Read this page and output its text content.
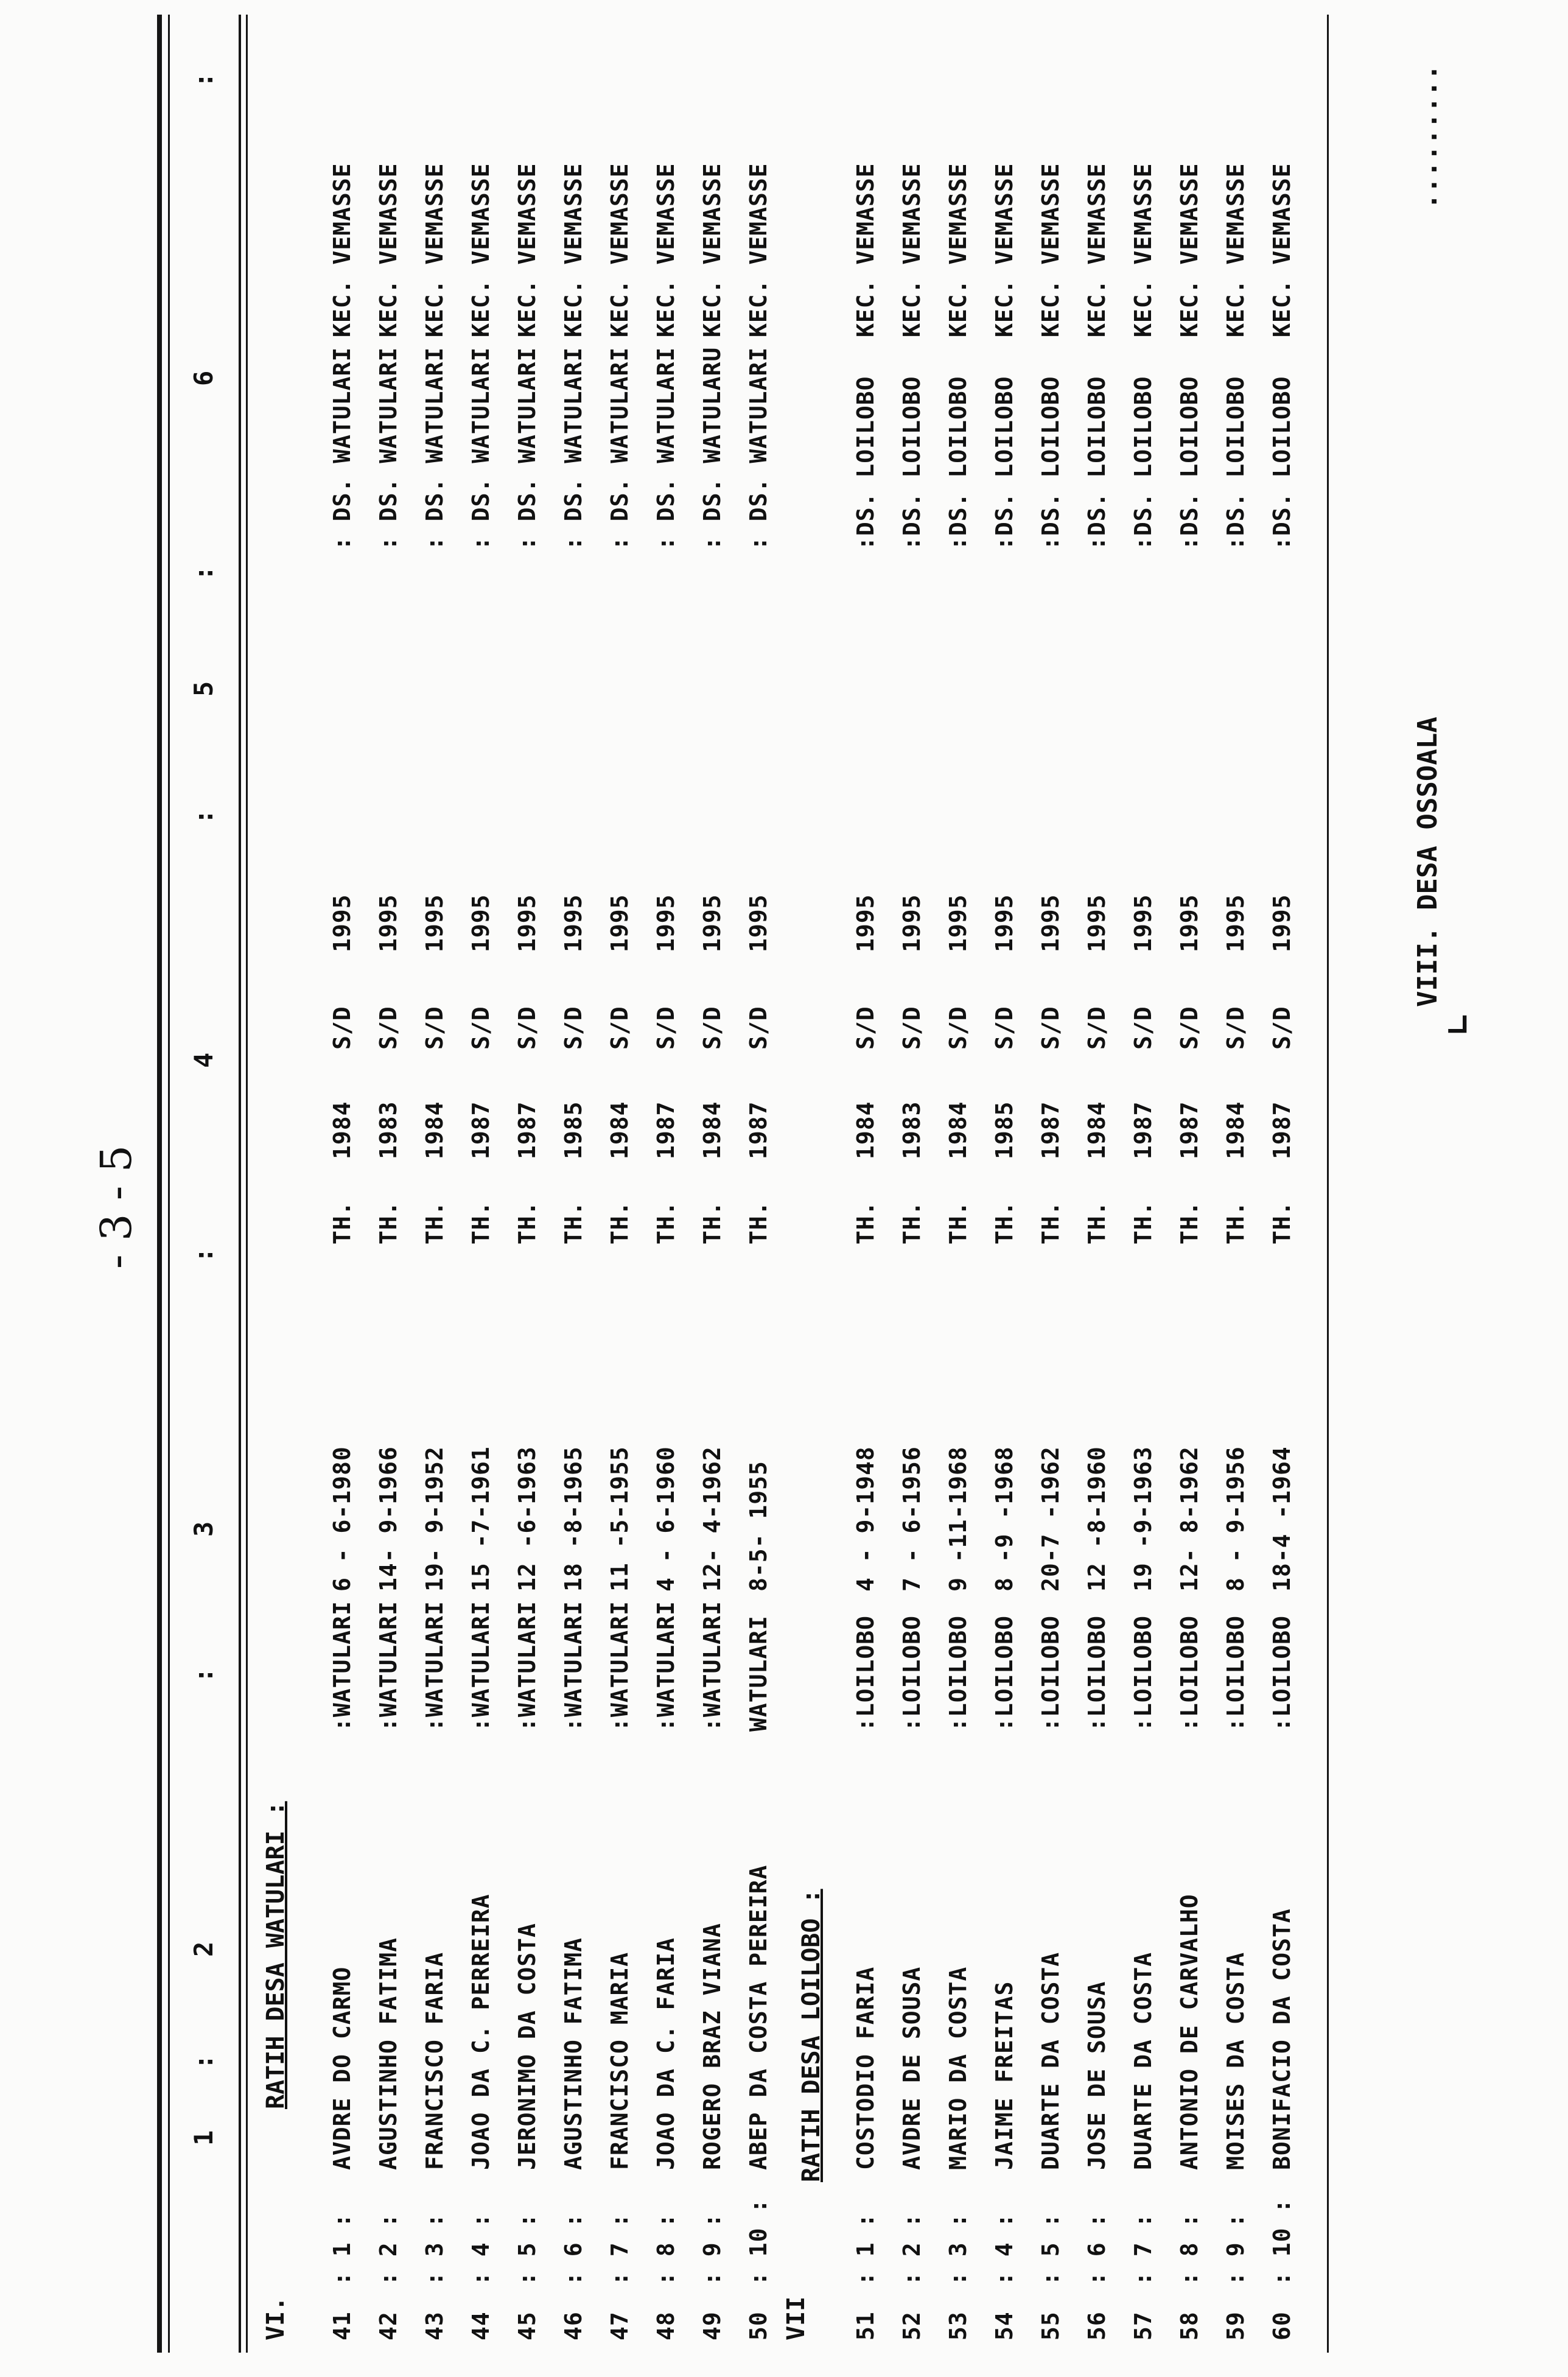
- 3 - 5
1
:
2
:
3
:
4
:
5
:
6
:
VI.
RATIH DESA WATULARI :
41
: 1 :
AVDRE DO CARMO
:WATULARI
6 - 6-1980
TH.
1984
S/D
1995
: DS. WATULARI
KEC. VEMASSE
42
: 2 :
AGUSTINHO FATIMA
:WATULARI
14- 9-1966
TH.
1983
S/D
1995
: DS. WATULARI
KEC. VEMASSE
43
: 3 :
FRANCISCO FARIA
:WATULARI
19- 9-1952
TH.
1984
S/D
1995
: DS. WATULARI
KEC. VEMASSE
44
: 4 :
JOAO DA C. PERREIRA
:WATULARI
15 -7-1961
TH.
1987
S/D
1995
: DS. WATULARI
KEC. VEMASSE
45
: 5 :
JERONIMO DA COSTA
:WATULARI
12 -6-1963
TH.
1987
S/D
1995
: DS. WATULARI
KEC. VEMASSE
46
: 6 :
AGUSTINHO FATIMA
:WATULARI
18 -8-1965
TH.
1985
S/D
1995
: DS. WATULARI
KEC. VEMASSE
47
: 7 :
FRANCISCO MARIA
:WATULARI
11 -5-1955
TH.
1984
S/D
1995
: DS. WATULARI
KEC. VEMASSE
48
: 8 :
JOAO DA C. FARIA
:WATULARI
4 - 6-1960
TH.
1987
S/D
1995
: DS. WATULARI
KEC. VEMASSE
49
: 9 :
ROGERO BRAZ VIANA
:WATULARI
12- 4-1962
TH.
1984
S/D
1995
: DS. WATULARU
KEC. VEMASSE
50
: 10 :
ABEP DA COSTA PEREIRA
WATULARI
8-5- 1955
TH.
1987
S/D
1995
: DS. WATULARI
KEC. VEMASSE
VII
RATIH DESA LOILOBO :
51
: 1 :
COSTODIO FARIA
:LOILOBO
4 - 9-1948
TH.
1984
S/D
1995
:DS. LOILOBO
KEC. VEMASSE
52
: 2 :
AVDRE DE SOUSA
:LOILOBO
7 - 6-1956
TH.
1983
S/D
1995
:DS. LOILOBO
KEC. VEMASSE
53
: 3 :
MARIO DA COSTA
:LOILOBO
9 -11-1968
TH.
1984
S/D
1995
:DS. LOILOBO
KEC. VEMASSE
54
: 4 :
JAIME FREITAS
:LOILOBO
8 -9 -1968
TH.
1985
S/D
1995
:DS. LOILOBO
KEC. VEMASSE
55
: 5 :
DUARTE DA COSTA
:LOILOBO
20-7 -1962
TH.
1987
S/D
1995
:DS. LOILOBO
KEC. VEMASSE
56
: 6 :
JOSE DE SOUSA
:LOILOBO
12 -8-1960
TH.
1984
S/D
1995
:DS. LOILOBO
KEC. VEMASSE
57
: 7 :
DUARTE DA COSTA
:LOILOBO
19 -9-1963
TH.
1987
S/D
1995
:DS. LOILOBO
KEC. VEMASSE
58
: 8 :
ANTONIO DE CARVALHO
:LOILOBO
12- 8-1962
TH.
1987
S/D
1995
:DS. LOILOBO
KEC. VEMASSE
59
: 9 :
MOISES DA COSTA
:LOILOBO
8 - 9-1956
TH.
1984
S/D
1995
:DS. LOILOBO
KEC. VEMASSE
60
: 10 :
BONIFACIO DA COSTA
:LOILOBO
18-4 -1964
TH.
1987
S/D
1995
:DS. LOILOBO
KEC. VEMASSE
⌞
VIII. DESA OSSOALA
.........
